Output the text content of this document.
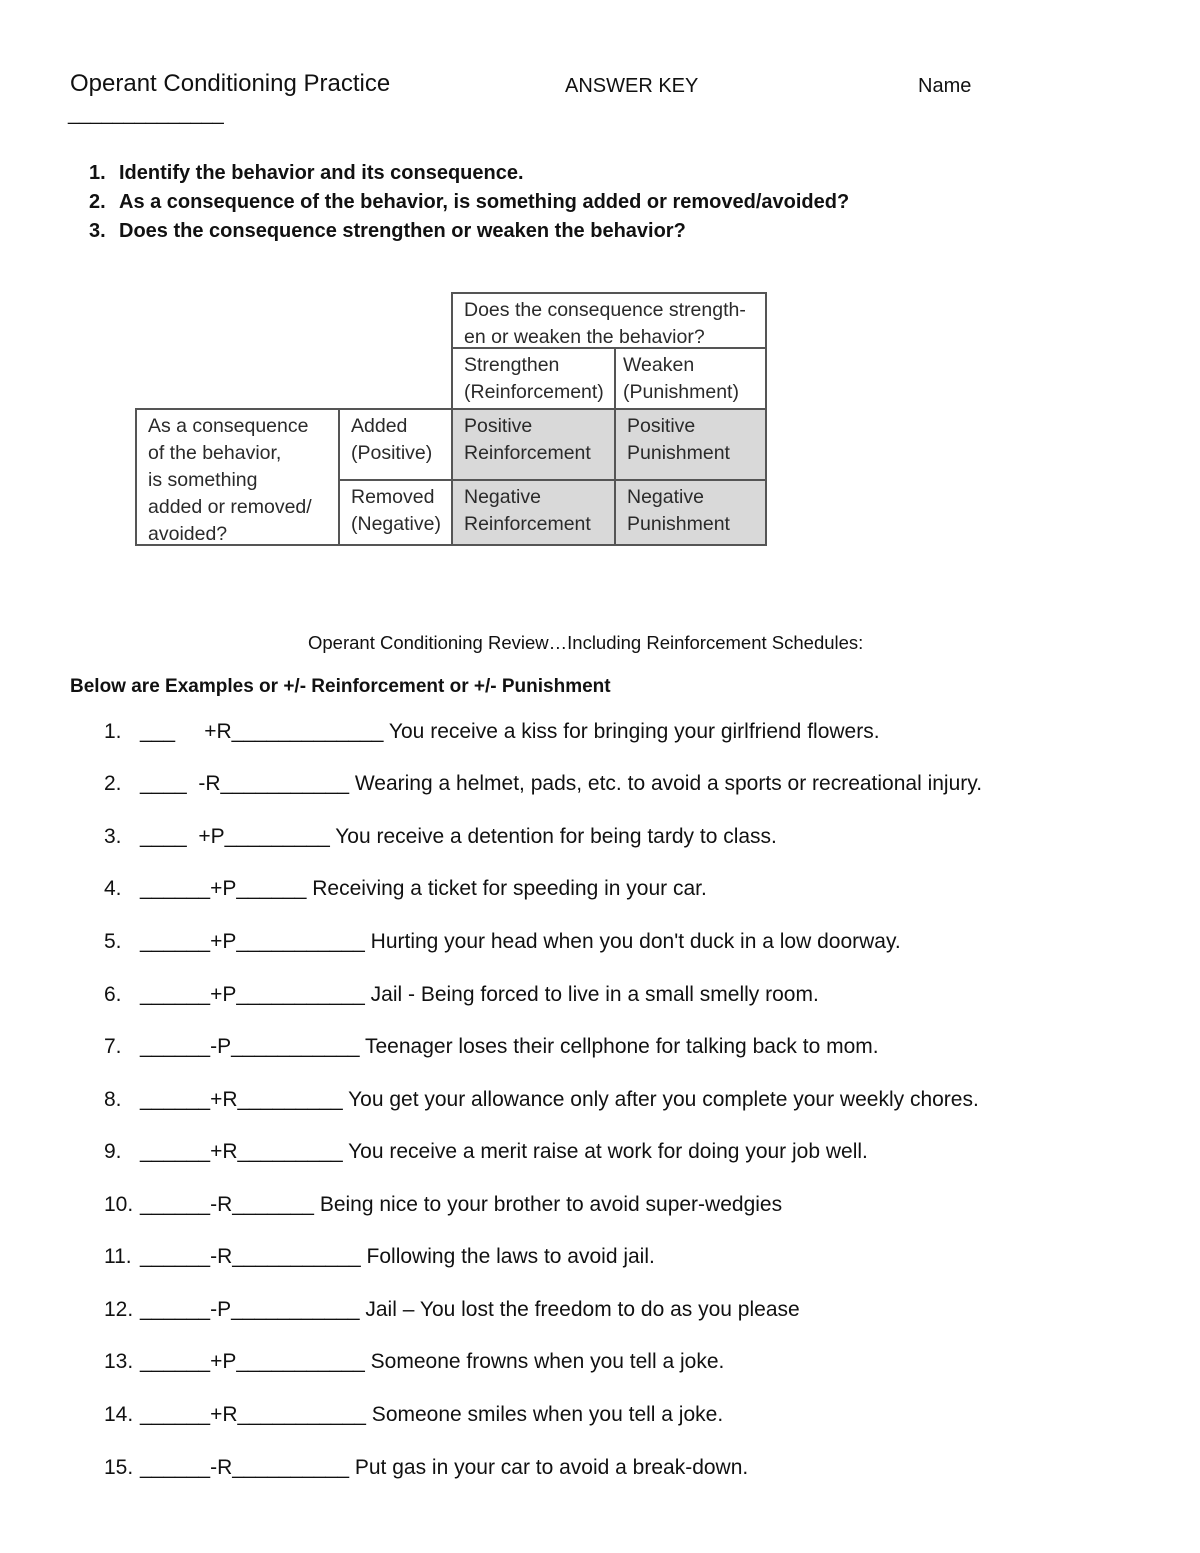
Operant Conditioning Practice	ANSWER KEY	Name
______________
1. Identify the behavior and its consequence.
2. As a consequence of the behavior, is something added or removed/avoided?
3. Does the consequence strengthen or weaken the behavior?
Does the consequence strength-
en or weaken the behavior?
Strengthen
(Reinforcement)
Weaken
(Punishment)
As a consequence
of the behavior,
is something
added or removed/
avoided?
Added
(Positive)
Removed
(Negative)
Positive
Reinforcement
Positive
Punishment
Negative
Reinforcement
Negative
Punishment
Operant Conditioning Review…Including Reinforcement Schedules:
Below are Examples or +/- Reinforcement or +/- Punishment
1. ___     +R_____________ You receive a kiss for bringing your girlfriend flowers.
2. ____  -R___________ Wearing a helmet, pads, etc. to avoid a sports or recreational injury.
3. ____  +P_________ You receive a detention for being tardy to class.
4. ______+P______ Receiving a ticket for speeding in your car.
5. ______+P___________ Hurting your head when you don't duck in a low doorway.
6. ______+P___________ Jail - Being forced to live in a small smelly room.
7. ______-P___________ Teenager loses their cellphone for talking back to mom.
8. ______+R_________ You get your allowance only after you complete your weekly chores.
9. ______+R_________ You receive a merit raise at work for doing your job well.
10. ______-R_______ Being nice to your brother to avoid super-wedgies
11. ______-R___________ Following the laws to avoid jail.
12. ______-P___________ Jail – You lost the freedom to do as you please
13. ______+P___________ Someone frowns when you tell a joke.
14. ______+R___________ Someone smiles when you tell a joke.
15. ______-R__________ Put gas in your car to avoid a break-down.
